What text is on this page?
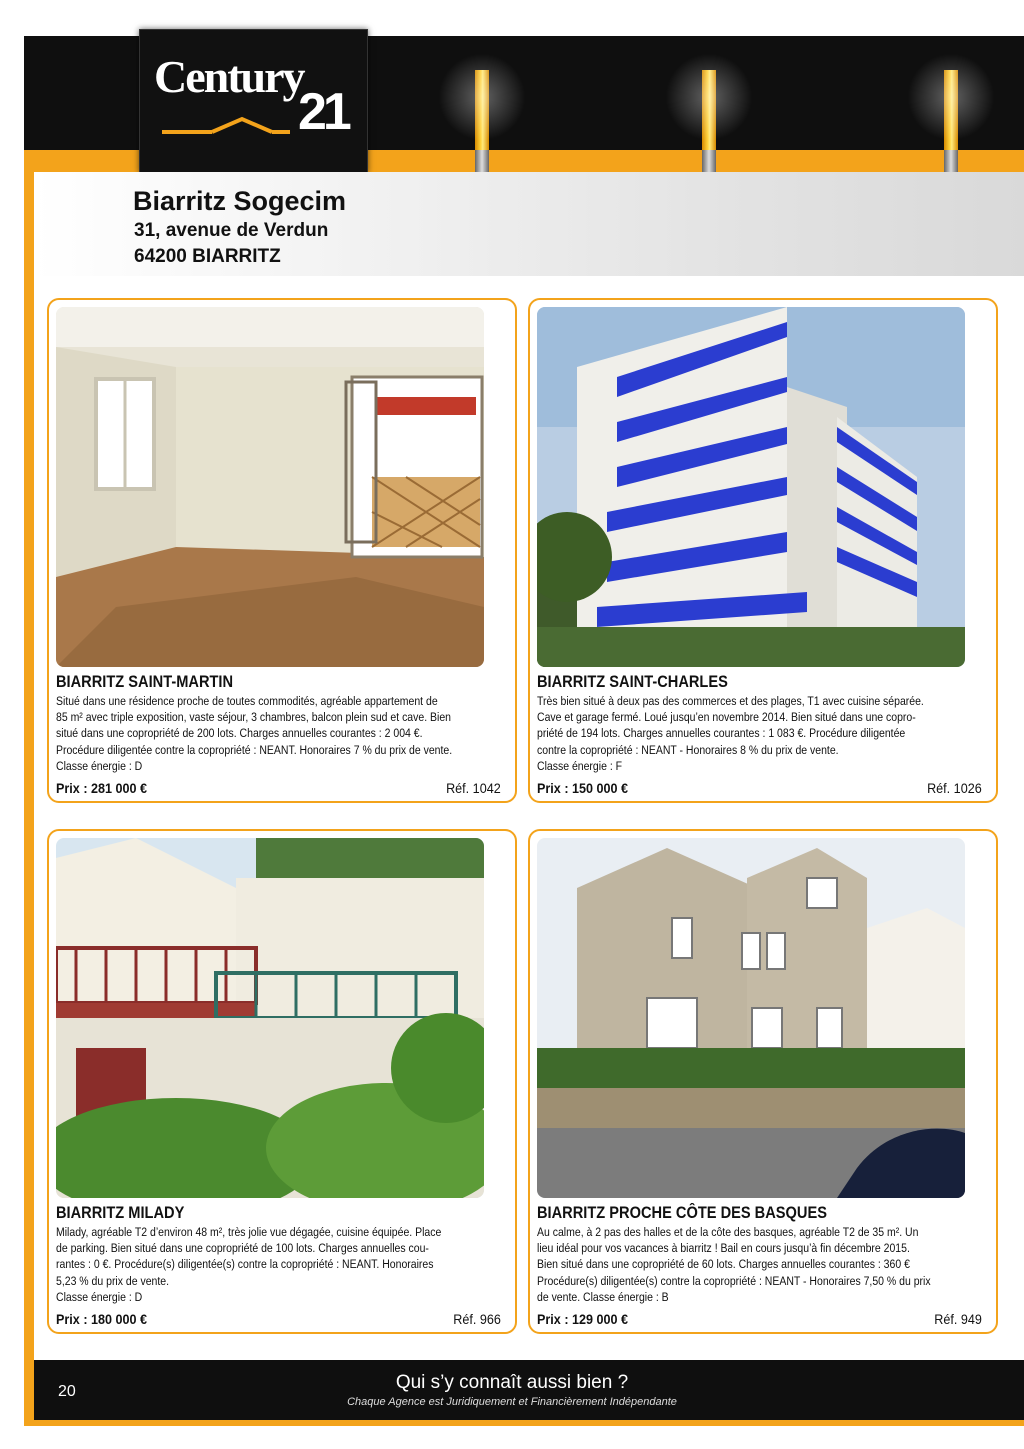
Century
21
Biarritz Sogecim
31, avenue de Verdun
64200 BIARRITZ
BIARRITZ SAINT-MARTIN

Situé dans une résidence proche de toutes commodités, agréable appartement de

85 m² avec triple exposition, vaste séjour, 3 chambres, balcon plein sud et cave. Bien

situé dans une copropriété de 200 lots. Charges annuelles courantes : 2 004 €.

Procédure diligentée contre la copropriété : NEANT. Honoraires 7 % du prix de vente.

Classe énergie : D

Prix : 281 000 €	Réf. 1042
BIARRITZ SAINT-CHARLES

Très bien situé à deux pas des commerces et des plages, T1 avec cuisine séparée.

Cave et garage fermé. Loué jusqu’en novembre 2014. Bien situé dans une copro-

priété de 194 lots. Charges annuelles courantes : 1 083 €. Procédure diligentée

contre la copropriété : NEANT - Honoraires 8 % du prix de vente.

Classe énergie : F

Prix : 150 000 €	Réf. 1026
BIARRITZ MILADY

Milady, agréable T2 d’environ 48 m², très jolie vue dégagée, cuisine équipée. Place

de parking. Bien situé dans une copropriété de 100 lots. Charges annuelles cou-

rantes : 0 €. Procédure(s) diligentée(s) contre la copropriété : NEANT. Honoraires

5,23 % du prix de vente.

Classe énergie : D

Prix : 180 000 €	Réf. 966
BIARRITZ PROCHE CÔTE DES BASQUES

Au calme, à 2 pas des halles et de la côte des basques, agréable T2 de 35 m². Un

lieu idéal pour vos vacances à biarritz ! Bail en cours jusqu’à fin décembre 2015.

Bien situé dans une copropriété de 60 lots. Charges annuelles courantes : 360 €

Procédure(s) diligentée(s) contre la copropriété : NEANT - Honoraires 7,50 % du prix

de vente. Classe énergie : B

Prix : 129 000 €	Réf. 949
20	Qui s’y connaît aussi bien ?
Chaque Agence est Juridiquement et Financièrement Indépendante
